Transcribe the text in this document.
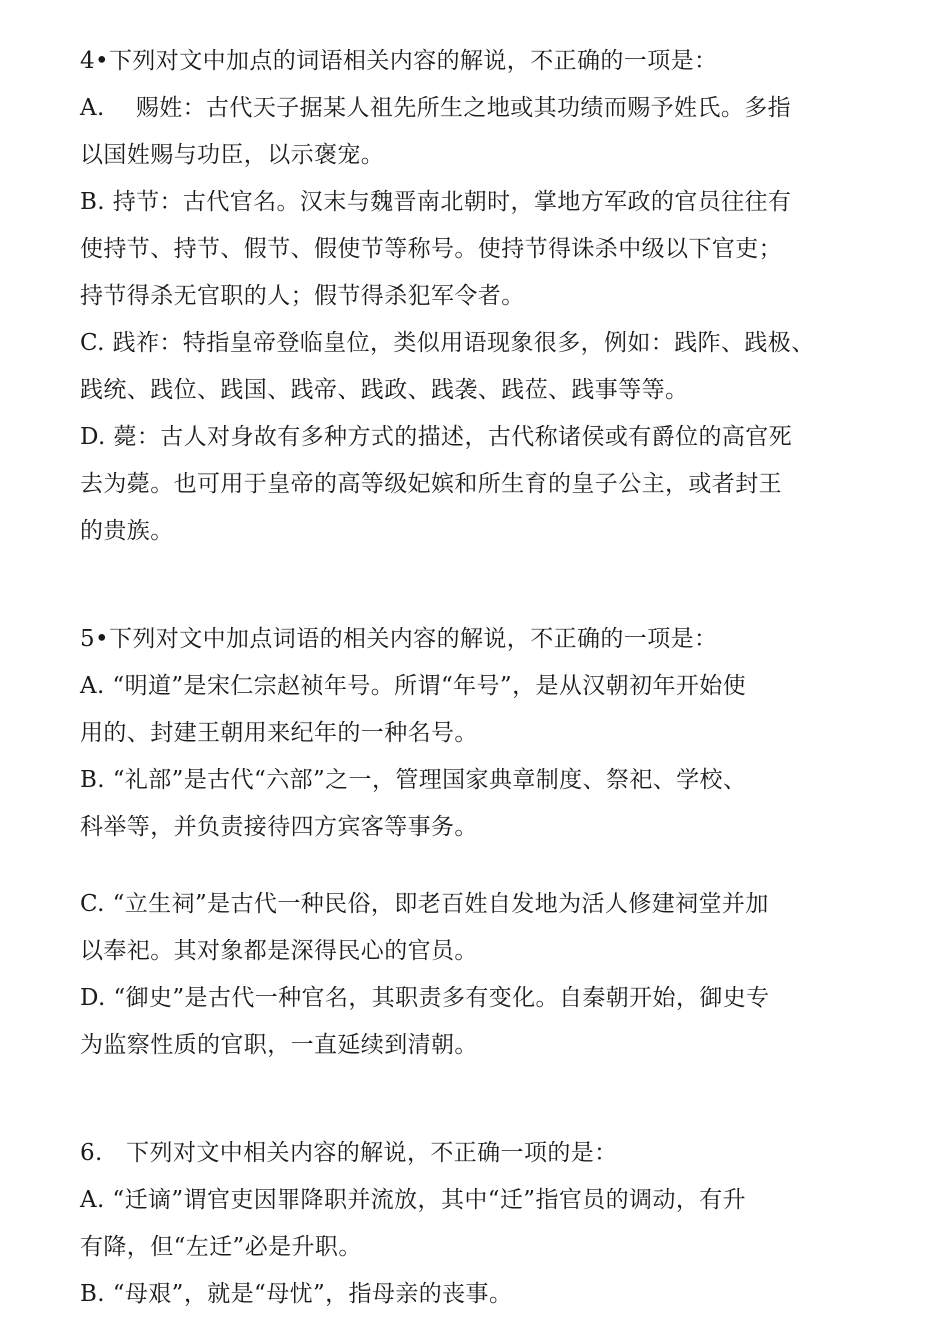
4•下列对文中加点的词语相关内容的解说，不正确的一项是：
A.　 赐姓：古代天子据某人祖先所生之地或其功绩而赐予姓氏。多指
以国姓赐与功臣，以示褒宠。
B. 持节：古代官名。汉末与魏晋南北朝时，掌地方军政的官员往往有
使持节、持节、假节、假使节等称号。使持节得诛杀中级以下官吏；
持节得杀无官职的人；假节得杀犯军令者。
C. 践祚：特指皇帝登临皇位，类似用语现象很多，例如：践阼、践极、
践统、践位、践国、践帝、践政、践袭、践莅、践事等等。
D. 薨：古人对身故有多种方式的描述，古代称诸侯或有爵位的高官死
去为薨。也可用于皇帝的高等级妃嫔和所生育的皇子公主，或者封王
的贵族。
5•下列对文中加点词语的相关内容的解说，不正确的一项是：
A. “明道”是宋仁宗赵祯年号。所谓“年号”，是从汉朝初年开始使
用的、封建王朝用来纪年的一种名号。
B. “礼部”是古代“六部”之一，管理国家典章制度、祭祀、学校、
科举等，并负责接待四方宾客等事务。
C. “立生祠”是古代一种民俗，即老百姓自发地为活人修建祠堂并加
以奉祀。其对象都是深得民心的官员。
D. “御史”是古代一种官名，其职责多有变化。自秦朝开始，御史专
为监察性质的官职，一直延续到清朝。
6.　下列对文中相关内容的解说，不正确一项的是：
A. “迁谪”谓官吏因罪降职并流放，其中“迁”指官员的调动，有升
有降，但“左迁”必是升职。
B. “母艰”，就是“母忧”，指母亲的丧事。
